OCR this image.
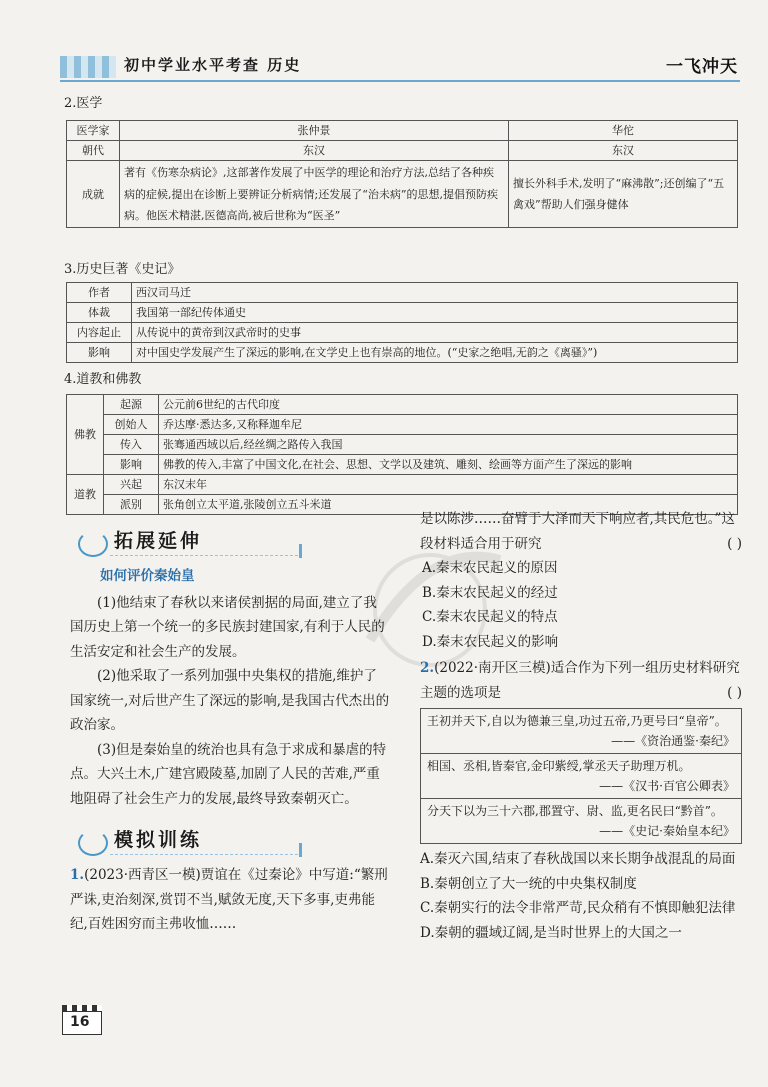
初中学业水平考查 历史	一飞冲天
2.医学
医学家	张仲景	华佗
朝代	东汉	东汉
成就	著有《伤寒杂病论》,这部著作发展了中医学的理论和治疗方法,总结了各种疾病的症候,提出在诊断上要辨证分析病情;还发展了“治未病”的思想,提倡预防疾病。他医术精湛,医德高尚,被后世称为“医圣”	擅长外科手术,发明了“麻沸散”;还创编了“五禽戏”帮助人们强身健体
3.历史巨著《史记》
作者	西汉司马迁
体裁	我国第一部纪传体通史
内容起止	从传说中的黄帝到汉武帝时的史事
影响	对中国史学发展产生了深远的影响,在文学史上也有崇高的地位。(“史家之绝唱,无韵之《离骚》”)
4.道教和佛教
佛教	起源	公元前6世纪的古代印度
	创始人	乔达摩·悉达多,又称释迦牟尼
	传入	张骞通西域以后,经丝绸之路传入我国
	影响	佛教的传入,丰富了中国文化,在社会、思想、文学以及建筑、雕刻、绘画等方面产生了深远的影响
道教	兴起	东汉末年
	派别	张角创立太平道,张陵创立五斗米道
拓展延伸
如何评价秦始皇

(1)他结束了春秋以来诸侯割据的局面,建立了我国历史上第一个统一的多民族封建国家,有利于人民的生活安定和社会生产的发展。

(2)他采取了一系列加强中央集权的措施,维护了国家统一,对后世产生了深远的影响,是我国古代杰出的政治家。

(3)但是秦始皇的统治也具有急于求成和暴虐的特点。大兴土木,广建宫殿陵墓,加剧了人民的苦难,严重地阻碍了社会生产力的发展,最终导致秦朝灭亡。

模拟训练
1.(2023·西青区一模)贾谊在《过秦论》中写道:“繁刑严诛,吏治刻深,赏罚不当,赋敛无度,天下多事,吏弗能纪,百姓困穷而主弗收恤……
是以陈涉……奋臂于大泽而天下响应者,其民危也。”这段材料适合用于研究	( )
A.秦末农民起义的原因
B.秦末农民起义的经过
C.秦末农民起义的特点
D.秦末农民起义的影响
2.(2022·南开区三模)适合作为下列一组历史材料研究主题的选项是	( )
王初并天下,自以为德兼三皇,功过五帝,乃更号曰“皇帝”。
——《资治通鉴·秦纪》
相国、丞相,皆秦官,金印紫绶,掌丞天子助理万机。
——《汉书·百官公卿表》
分天下以为三十六郡,郡置守、尉、监,更名民曰“黔首”。
——《史记·秦始皇本纪》
A.秦灭六国,结束了春秋战国以来长期争战混乱的局面
B.秦朝创立了大一统的中央集权制度
C.秦朝实行的法令非常严苛,民众稍有不慎即触犯法律
D.秦朝的疆域辽阔,是当时世界上的大国之一
16
